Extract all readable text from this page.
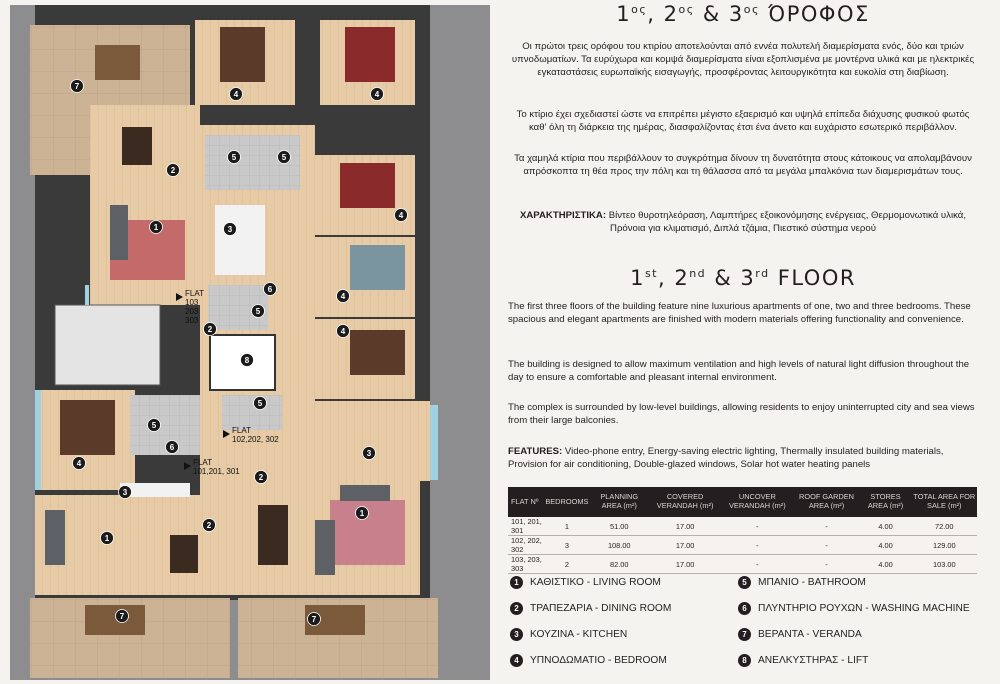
7
4	4
2
5	5
4
1	3
4
6
5
4
8
2
5
5
4
6
3
3
2
2
1
1
7	7
FLAT
103
203
303
FLAT
102,202, 302
FLAT
101,201, 301
$1^{o\varsigma}$, $2^{o\varsigma}$ & $3^{o\varsigma}$ ΌΡΟΦΟΣ
Οι πρώτοι τρεις ορόφου του κτιρίου αποτελούνται από εννέα πολυτελή διαμερίσματα ενός, δύο και τριών υπνοδωματίων. Τα ευρύχωρα και κομψά διαμερίσματα είναι εξοπλισμένα με μοντέρνα υλικά και με ηλεκτρικές εγκαταστάσεις ευρωπαϊκής εισαγωγής, προσφέροντας λειτουργικότητα και ευκολία στη διαβίωση.
Το κτίριο έχει σχεδιαστεί ώστε να επιτρέπει μέγιστο εξαερισμό και υψηλά επίπεδα διάχυσης φυσικού φωτός καθ' όλη τη διάρκεια της ημέρας, διασφαλίζοντας έτσι ένα άνετο και ευχάριστο εσωτερικό περιβάλλον.
Τα χαμηλά κτίρια που περιβάλλουν το συγκρότημα δίνουν τη δυνατότητα στους κάτοικους να απολαμβάνουν απρόσκοπτα τη θέα προς την πόλη και τη θάλασσα από τα μεγάλα μπαλκόνια των διαμερισμάτων τους.
ΧΑΡΑΚΤΗΡΙΣΤΙΚΑ: Βίντεο θυροτηλεόραση, Λαμπτήρες εξοικονόμησης ενέργειας, Θερμομονωτικά υλικά, Πρόνοια για κλιματισμό, Διπλά τζάμια, Πιεστικό σύστημα νερού
1st, 2nd & 3rd FLOOR
The first three floors of the building feature nine luxurious apartments of one, two and three bedrooms. These spacious and elegant apartments are finished with modern materials offering functionality and convenience.
The building is designed to allow maximum ventilation and high levels of natural light diffusion throughout the day to ensure a comfortable and pleasant internal environment.
The complex is surrounded by low-level buildings, allowing residents to enjoy uninterrupted city and sea views from their large balconies.
FEATURES: Video-phone entry, Energy-saving electric lighting, Thermally insulated building materials, Provision for air conditioning, Double-glazed windows, Solar hot water heating panels
FLAT Nº	BEDROOMS	PLANNING AREA (m²)	COVERED VERANDAH (m²)	UNCOVER VERANDAH (m²)	ROOF GARDEN AREA (m²)	STORES AREA (m²)	TOTAL AREA FOR SALE (m²)
101, 201, 301	1	51.00	17.00	-	-	4.00	72.00
102, 202, 302	3	108.00	17.00	-	-	4.00	129.00
103, 203, 303	2	82.00	17.00	-	-	4.00	103.00
1	ΚΑΘΙΣΤΙΚΟ - LIVING ROOM
2	ΤΡΑΠΕΖΑΡΙΑ - DINING ROOM
3	ΚΟΥΖΙΝΑ - KITCHEN
4	ΥΠΝΟΔΩΜΑΤΙΟ - BEDROOM
5	ΜΠΑΝΙΟ - BATHROOM
6	ΠΛΥΝΤΗΡΙΟ ΡΟΥΧΩΝ - WASHING MACHINE
7	ΒΕΡΑΝΤΑ - VERANDA
8	ΑΝΕΛΚΥΣΤΗΡΑΣ - LIFT
